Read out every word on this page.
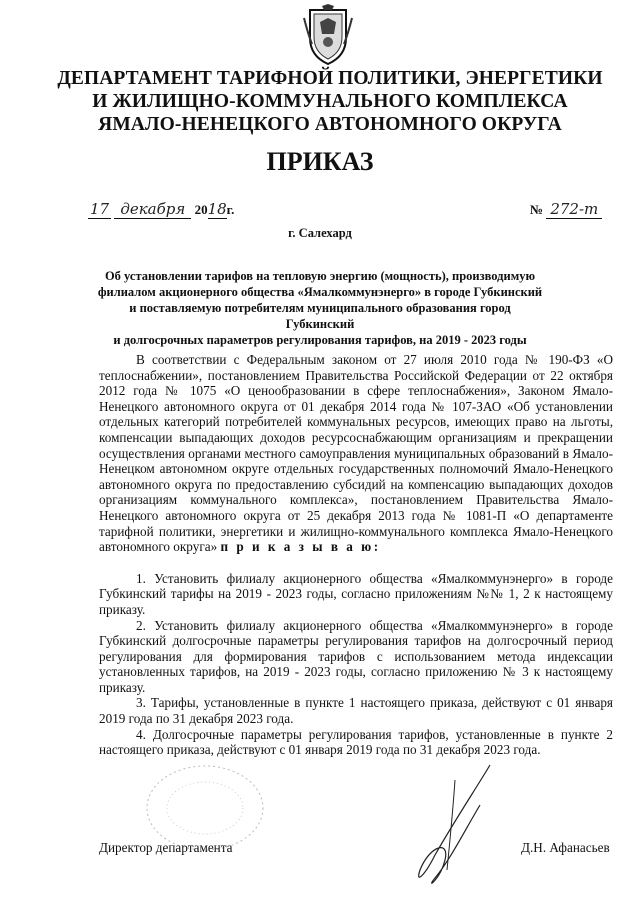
ДЕПАРТАМЕНТ ТАРИФНОЙ ПОЛИТИКИ, ЭНЕРГЕТИКИ
И ЖИЛИЩНО-КОММУНАЛЬНОГО КОМПЛЕКСА
ЯМАЛО-НЕНЕЦКОГО АВТОНОМНОГО ОКРУГА
ПРИКАЗ
17 декабря 2018г.	№ 272-т
г. Салехард
Об установлении тарифов на тепловую энергию (мощность), производимую
филиалом акционерного общества «Ямалкоммунэнерго» в городе Губкинский
и поставляемую потребителям муниципального образования город Губкинский
и долгосрочных параметров регулирования тарифов, на 2019 - 2023 годы

В соответствии с Федеральным законом от 27 июля 2010 года № 190-ФЗ «О теплоснабжении», постановлением Правительства Российской Федерации от 22 октября 2012 года № 1075 «О ценообразовании в сфере теплоснабжения», Законом Ямало-Ненецкого автономного округа от 01 декабря 2014 года № 107-ЗАО «Об установлении отдельных категорий потребителей коммунальных ресурсов, имеющих право на льготы, компенсации выпадающих доходов ресурсоснабжающим организациям и прекращении осуществления органами местного самоуправления муниципальных образований в Ямало-Ненецком автономном округе отдельных государственных полномочий Ямало-Ненецкого автономного округа по предоставлению субсидий на компенсацию выпадающих доходов организациям коммунального комплекса», постановлением Правительства Ямало-Ненецкого автономного округа от 25 декабря 2013 года № 1081-П «О департаменте тарифной политики, энергетики и жилищно-коммунального комплекса Ямало-Ненецкого автономного округа» п р и к а з ы в а ю:

1. Установить филиалу акционерного общества «Ямалкоммунэнерго» в городе Губкинский тарифы на 2019 - 2023 годы, согласно приложениям №№ 1, 2 к настоящему приказу.

2. Установить филиалу акционерного общества «Ямалкоммунэнерго» в городе Губкинский долгосрочные параметры регулирования тарифов на долгосрочный период регулирования для формирования тарифов с использованием метода индексации установленных тарифов, на 2019 - 2023 годы, согласно приложению № 3 к настоящему приказу.

3. Тарифы, установленные в пункте 1 настоящего приказа, действуют с 01 января 2019 года по 31 декабря 2023 года.

4. Долгосрочные параметры регулирования тарифов, установленные в пункте 2 настоящего приказа, действуют с 01 января 2019 года по 31 декабря 2023 года.

Директор департамента	Д.Н. Афанасьев
